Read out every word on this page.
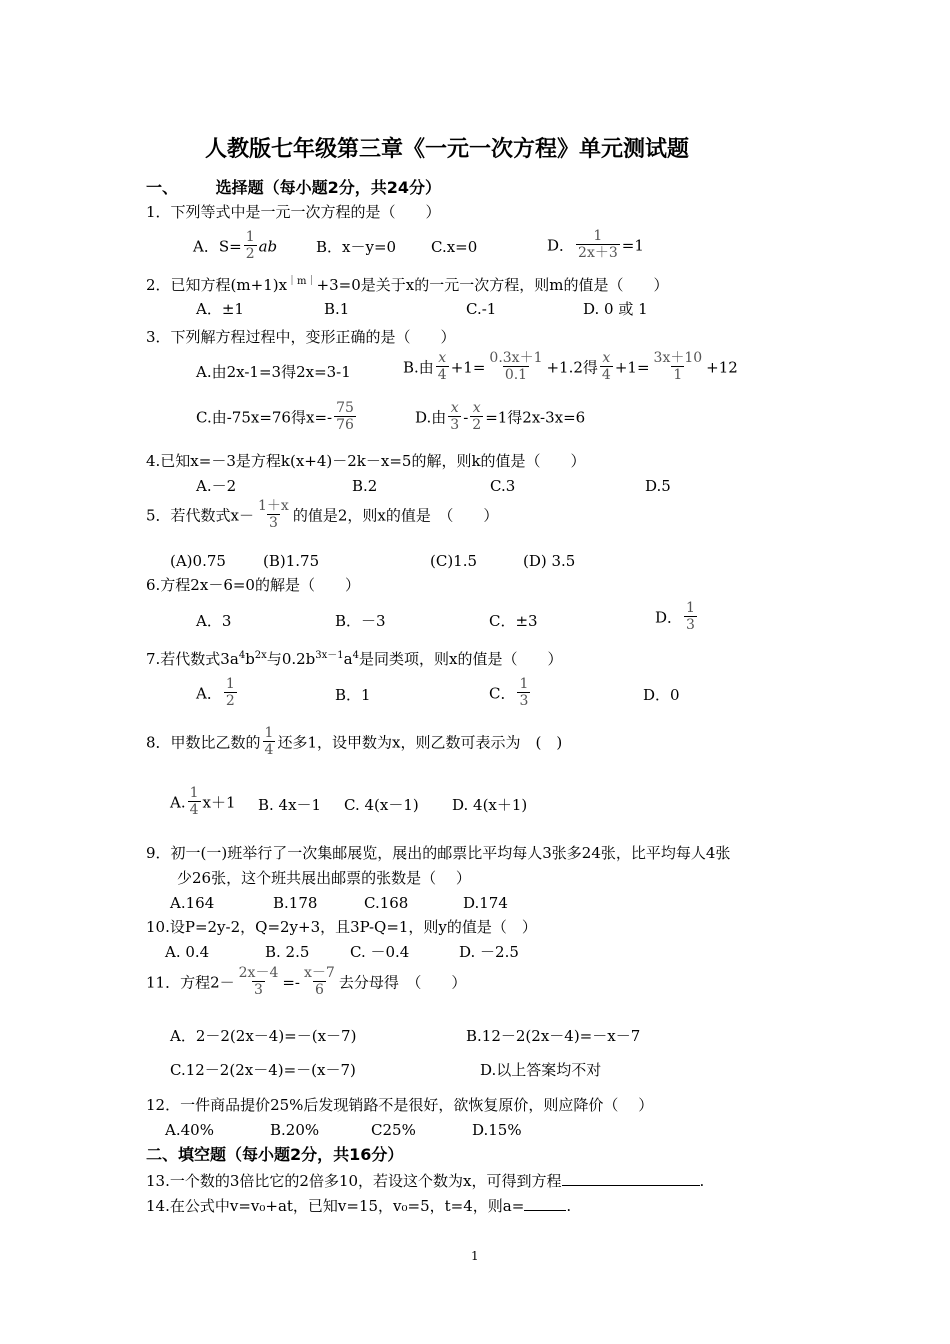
人教版七年级第三章《一元一次方程》单元测试题
一、 选择题（每小题2分，共24分）
1．下列等式中是一元一次方程的是（　　）
A．$S= \frac{1}{2}$ ab	B．x－y=0 C.x=0	D． $\frac{1}{2x+3} =1$
2．已知方程$(m+1)x^{|m|}+3=0$是关于x的一元一次方程，则m的值是（　　）
A．±1	B.1	C.-1	D. 0 或 1
3．下列解方程过程中，变形正确的是（　　）
A.由2x-1=3得2x=3-1	B.由 $\frac{x}{4} +1= \frac{0.3x+1}{0.1} +1.2$得 $\frac{x}{4} +1= \frac{3x+10}{1} +12$
C.由-75x=76得$x=- \frac{75}{76}$	D.由 $\frac{x}{3} - \frac{x}{2} =1$得2x-3x=6
4.已知x=－3是方程k(x+4)－2k－x=5的解，则k的值是（　　）
A.－2	B.2	C.3	D.5
5．若代数式$x- \frac{1+x}{3}$ 的值是2，则x的值是　（　　）
(A)0.75 (B)1.75	(C)1.5	(D) 3.5
6.方程2x－6=0的解是（　　）
A．3	B．－3	C．±3	D． $\frac{1}{3}$
7.若代数式$3a^4b^{2x}$与$0.2b^{3x-1}a^4$是同类项，则x的值是（　　）
A． $\frac{1}{2}$	B．1	C． $\frac{1}{3}$	D．0
8．甲数比乙数的 $\frac{1}{4}$ 还多1，设甲数为x，则乙数可表示为　(　)
A. $\frac{1}{4} x+1$ B. 4x－1 C. 4(x－1) D. 4(x＋1)
9．初一(一)班举行了一次集邮展览，展出的邮票比平均每人3张多24张，比平均每人4张
少26张，这个班共展出邮票的张数是（　 ）
A.164	B.178	C.168	D.174
10.设P=2y-2，Q=2y+3，且3P-Q=1，则y的值是（　）
A. 0.4	B. 2.5	C. －0.4	D. －2.5
11．方程$2- \frac{2x-4}{3} =- \frac{x-7}{6}$ 去分母得　（　　）
A．2－2(2x－4)=－(x－7)	B.12－2(2x－4)=－x－7
C.12－2(2x－4)=－(x－7)	D.以上答案均不对
12．一件商品提价25%后发现销路不是很好，欲恢复原价，则应降价（　 ）
A.40%	B.20%	C25%	D.15%
二、填空题（每小题2分，共16分）
13.一个数的3倍比它的2倍多10，若设这个数为x，可得到方程	.
14.在公式中v=v₀+at，已知v=15，v₀=5，t=4，则a=	.
1
